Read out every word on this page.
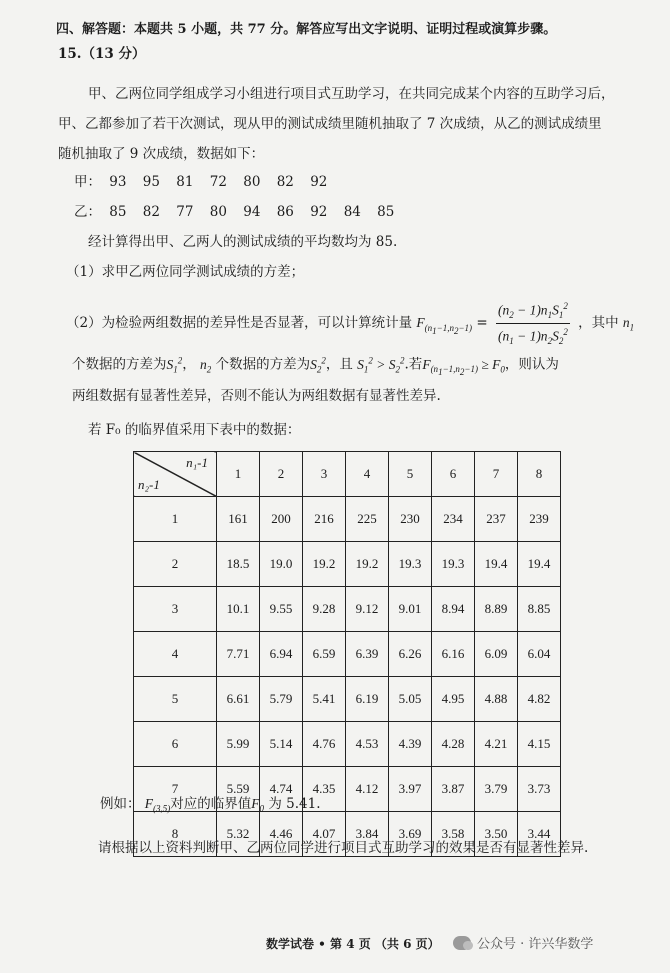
四、解答题：本题共 5 小题，共 77 分。解答应写出文字说明、证明过程或演算步骤。
15.（13 分）
甲、乙两位同学组成学习小组进行项目式互助学习，在共同完成某个内容的互助学习后，
甲、乙都参加了若干次测试，现从甲的测试成绩里随机抽取了 7 次成绩，从乙的测试成绩里
随机抽取了 9 次成绩，数据如下：
甲： 93 95 81 72 80 82 92
乙： 85 82 77 80 94 86 92 84 85
经计算得出甲、乙两人的测试成绩的平均数均为 85.
（1）求甲乙两位同学测试成绩的方差；
（2）为检验两组数据的差异性是否显著，可以计算统计量 $F_{(n_1-1,n_2-1)} = \frac{(n_2 - 1)n_1S_1^2}{(n_1 - 1)n_2S_2^2}$ ，其中 $n_1$
个数据的方差为$S_1^2$， $n_2$ 个数据的方差为$S_2^2$，且 $S_1^2 > S_2^2$.若$F_{(n_1-1,n_2-1)} \ge F_0$，则认为
两组数据有显著性差异，否则不能认为两组数据有显著性差异.
若 F₀ 的临界值采用下表中的数据：
n₁-1
n₂-1	1	2	3	4	5	6	7	8
1	161	200	216	225	230	234	237	239
2	18.5	19.0	19.2	19.2	19.3	19.3	19.4	19.4
3	10.1	9.55	9.28	9.12	9.01	8.94	8.89	8.85
4	7.71	6.94	6.59	6.39	6.26	6.16	6.09	6.04
5	6.61	5.79	5.41	6.19	5.05	4.95	4.88	4.82
6	5.99	5.14	4.76	4.53	4.39	4.28	4.21	4.15
7	5.59	4.74	4.35	4.12	3.97	3.87	3.79	3.73
8	5.32	4.46	4.07	3.84	3.69	3.58	3.50	3.44
例如： $F_{(3,5)}$对应的临界值$F_0$ 为 5.41.
请根据以上资料判断甲、乙两位同学进行项目式互助学习的效果是否有显著性差异.
数学试卷 • 第 4 页 （共 6 页）	公众号 · 许兴华数学
